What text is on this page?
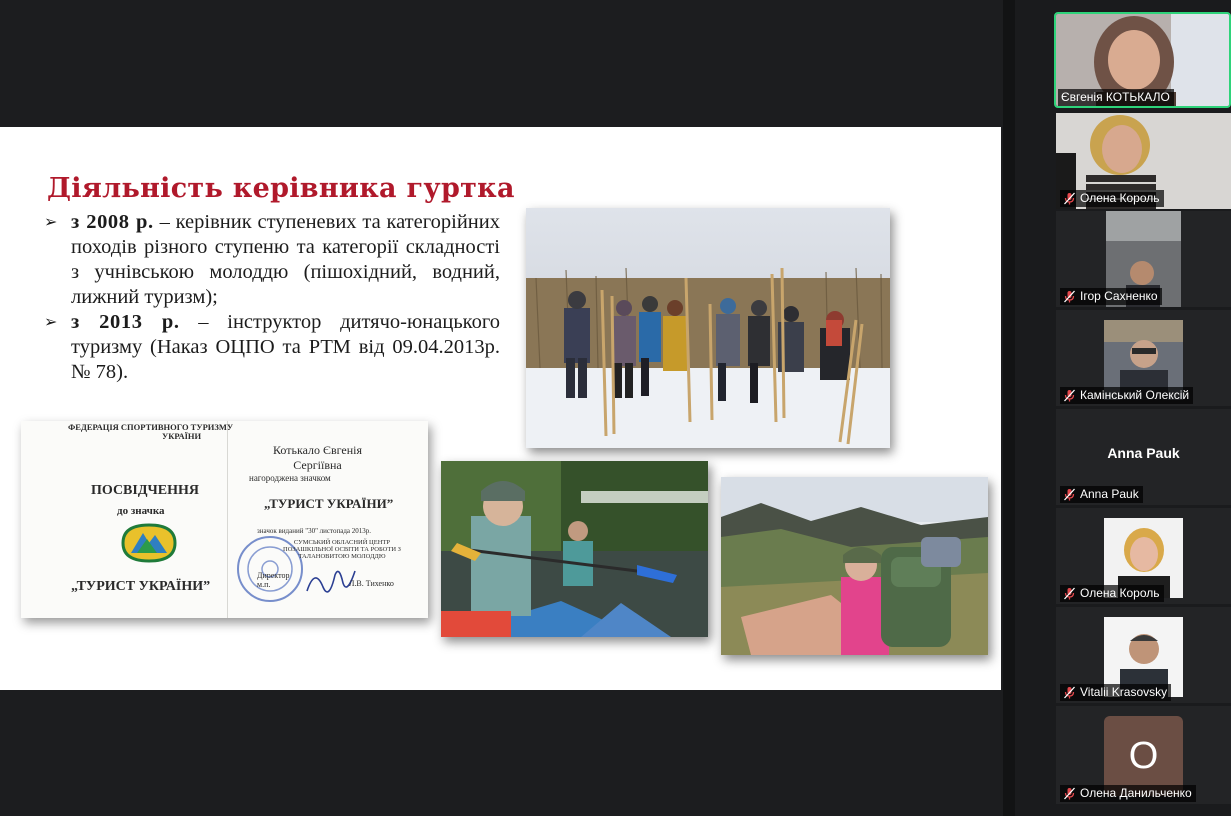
Діяльність керівника гуртка
➢ з 2008 р. – керівник ступеневих та категорійних походів різного ступеню та категорії складності з учнівською молоддю (пішохідний, водний, лижний туризм);
➢ з 2013 р. – інструктор дитячо-юнацького туризму (Наказ ОЦПО та РТМ від 09.04.2013р. № 78).
ФЕДЕРАЦІЯ СПОРТИВНОГО ТУРИЗМУ
УКРАЇНИ
ПОСВІДЧЕННЯ
до значка
„ТУРИСТ УКРАЇНИ”
Котькало Євгенія
Сергіївна
нагороджена значком
„ТУРИСТ УКРАЇНИ”
значок виданий "30" листопада 2013р.
СУМСЬКИЙ ОБЛАСНИЙ ЦЕНТР
ПОЗАШКІЛЬНОЇ ОСВІТИ ТА РОБОТИ З
ТАЛАНОВИТОЮ МОЛОДДЮ
Директор
м.п.	Л.В. Тихенко
Євгенія КОТЬКАЛО
Олена Король
Ігор Сахненко
Камінський Олексій
Anna Pauk
Anna Pauk
Олена Король
Vitalii Krasovsky
О
Олена Данильченко
